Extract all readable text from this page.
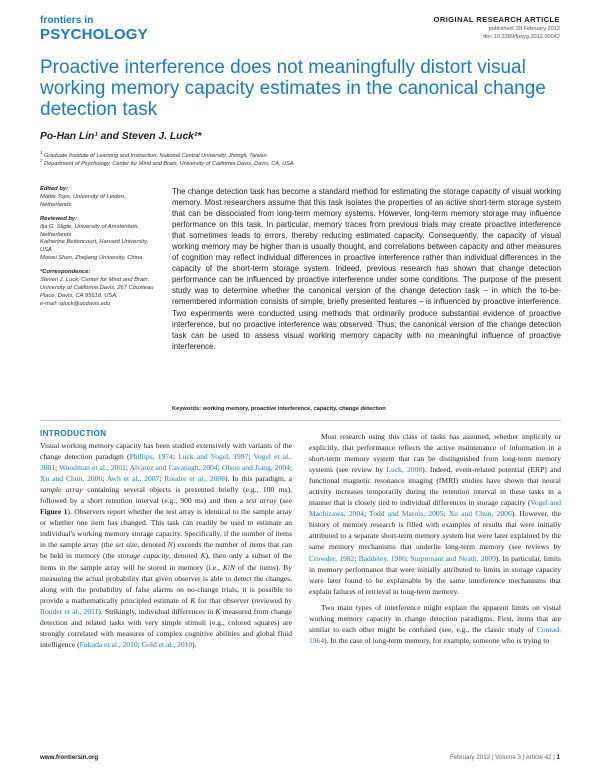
frontiers in
PSYCHOLOGY
ORIGINAL RESEARCH ARTICLE
published: 28 February 2012
doi: 10.3389/fpsyg.2012.00042
Proactive interference does not meaningfully distort visual working memory capacity estimates in the canonical change detection task
Po-Han Lin¹ and Steven J. Luck²*
$^1$ Graduate Institute of Learning and Instruction, National Central University, Jhongli, Taiwan
$^2$ Department of Psychology, Center for Mind and Brain, University of California Davis, Davis, CA, USA
Edited by:
Mattie Tops, University of Leiden, Netherlands
Reviewed by:
Ilja G. Sligte, University of Amsterdam, Netherlands
Katherine Bettencourt, Harvard University, USA
Mowei Shen, Zhejiang University, China
*Correspondence:
Steven J. Luck, Center for Mind and Brain, University of California Davis, 267 Cousteau Place, Davis, CA 95618, USA.
e-mail: sjluck@ucdavis.edu
The change detection task has become a standard method for estimating the storage capacity of visual working memory. Most researchers assume that this task isolates the properties of an active short-term storage system that can be dissociated from long-term memory systems. However, long-term memory storage may influence performance on this task. In particular, memory traces from previous trials may create proactive interference that sometimes leads to errors, thereby reducing estimated capacity. Consequently, the capacity of visual working memory may be higher than is usually thought, and correlations between capacity and other measures of cognition may reflect individual differences in proactive interference rather than individual differences in the capacity of the short-term storage system. Indeed, previous research has shown that change detection performance can be influenced by proactive interference under some conditions. The purpose of the present study was to determine whether the canonical version of the change detection task – in which the to-be-remembered information consists of simple, briefly presented features – is influenced by proactive interference. Two experiments were conducted using methods that ordinarily produce substantial evidence of proactive interference, but no proactive interference was observed. Thus, the canonical version of the change detection task can be used to assess visual working memory capacity with no meaningful influence of proactive interference.
Keywords: working memory, proactive interference, capacity, change detection
INTRODUCTION

Visual working memory capacity has been studied extensively with variants of the change detection paradigm (Phillips, 1974; Luck and Vogel, 1997; Vogel et al., 2001; Woodman et al., 2001; Alvarez and Cavanagh, 2004; Olson and Jiang, 2004; Xu and Chun, 2006; Awh et al., 2007; Rouder et al., 2008). In this paradigm, a sample array containing several objects is presented briefly (e.g., 100 ms), followed by a short retention interval (e.g., 900 ms) and then a test array (see Figure 1). Observers report whether the test array is identical to the sample array or whether one item has changed. This task can readily be used to estimate an individual's working memory storage capacity. Specifically, if the number of items in the sample array (the set size, denoted N) exceeds the number of items that can be held in memory (the storage capacity, denoted K), then only a subset of the items in the sample array will be stored in memory (i.e., K/N of the items). By measuring the actual probability that given observer is able to detect the changes, along with the probability of false alarms on no-change trials, it is possible to provide a mathematically principled estimate of K for that observer (reviewed by Rouder et al., 2011). Strikingly, individual differences in K measured from change detection and related tasks with very simple stimuli (e.g., colored squares) are strongly correlated with measures of complex cognitive abilities and global fluid intelligence (Fukuda et al., 2010; Gold et al., 2010).

Most research using this class of tasks has assumed, whether implicitly or explicitly, that performance reflects the active maintenance of information in a short-term memory system that can be distinguished from long-term memory systems (see review by Luck, 2008). Indeed, event-related potential (ERP) and functional magnetic resonance imaging (fMRI) studies have shown that neural activity increases temporarily during the retention interval in these tasks in a manner that is closely tied to individual differences in storage capacity (Vogel and Machizawa, 2004; Todd and Marois, 2005; Xu and Chun, 2006). However, the history of memory research is filled with examples of results that were initially attributed to a separate short-term memory system but were later explained by the same memory mechanisms that underlie long-term memory (see reviews by Crowder, 1982; Baddeley, 1986; Surprenant and Neath, 2009). In particular, limits in memory performance that were initially attributed to limits in storage capacity were later found to be explainable by the same interference mechanisms that explain failures of retrieval in long-term memory.

Two main types of interference might explain the apparent limits on visual working memory capacity in change detection paradigms. First, items that are similar to each other might be confused (see, e.g., the classic study of Conrad, 1964). In the case of long-term memory, for example, someone who is trying to

www.frontiersin.org	February 2012 | Volume 3 | Article 42 | 1
